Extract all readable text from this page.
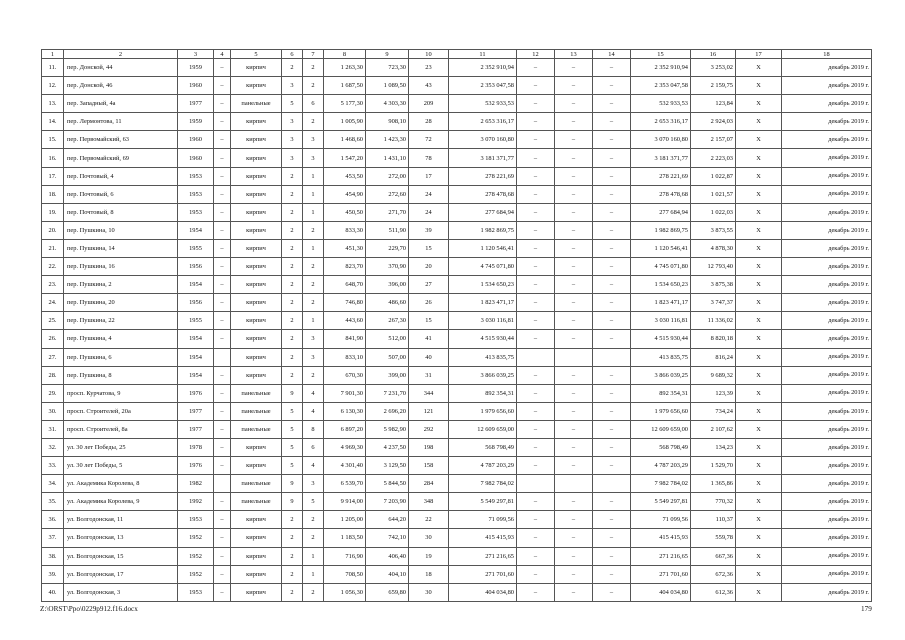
1	2	3	4	5	6	7	8	9	10	11	12	13	14	15	16	17	18
11.	пер. Донской, 44	1959	–	кирпич	2	2	1 263,30	723,30	23	2 352 910,94	–	–	–	2 352 910,94	3 253,02	Х	декабрь 2019 г.
12.	пер. Донской, 46	1960	–	кирпич	3	2	1 687,50	1 089,50	43	2 353 047,58	–	–	–	2 353 047,58	2 159,75	Х	декабрь 2019 г.
13.	пер. Западный, 4а	1977	–	панельные	5	6	5 177,30	4 303,30	209	532 933,53	–	–	–	532 933,53	123,84	Х	декабрь 2019 г.
14.	пер. Лермонтова, 11	1959	–	кирпич	3	2	1 005,90	908,10	28	2 653 316,17	–	–	–	2 653 316,17	2 924,03	Х	декабрь 2019 г.
15.	пер. Первомайский, 63	1960	–	кирпич	3	3	1 468,60	1 423,30	72	3 070 160,80	–	–	–	3 070 160,80	2 157,07	Х	декабрь 2019 г.
16.	пер. Первомайский, 69	1960	–	кирпич	3	3	1 547,20	1 431,10	78	3 181 371,77	–	–	–	3 181 371,77	2 223,03	Х	декабрь 2019 г.
17.	пер. Почтовый, 4	1953	–	кирпич	2	1	453,50	272,00	17	278 221,69	–	–	–	278 221,69	1 022,87	Х	декабрь 2019 г.
18.	пер. Почтовый, 6	1953	–	кирпич	2	1	454,90	272,60	24	278 478,68	–	–	–	278 478,68	1 021,57	Х	декабрь 2019 г.
19.	пер. Почтовый, 8	1953	–	кирпич	2	1	450,50	271,70	24	277 684,94	–	–	–	277 684,94	1 022,03	Х	декабрь 2019 г.
20.	пер. Пушкина, 10	1954	–	кирпич	2	2	833,30	511,90	39	1 982 869,75	–	–	–	1 982 869,75	3 873,55	Х	декабрь 2019 г.
21.	пер. Пушкина, 14	1955	–	кирпич	2	1	451,30	229,70	15	1 120 546,41	–	–	–	1 120 546,41	4 878,30	Х	декабрь 2019 г.
22.	пер. Пушкина, 16	1956	–	кирпич	2	2	823,70	370,90	20	4 745 071,80	–	–	–	4 745 071,80	12 793,40	Х	декабрь 2019 г.
23.	пер. Пушкина, 2	1954	–	кирпич	2	2	648,70	396,00	27	1 534 650,23	–	–	–	1 534 650,23	3 875,38	Х	декабрь 2019 г.
24.	пер. Пушкина, 20	1956	–	кирпич	2	2	746,80	486,60	26	1 823 471,17	–	–	–	1 823 471,17	3 747,37	Х	декабрь 2019 г.
25.	пер. Пушкина, 22	1955	–	кирпич	2	1	443,60	267,30	15	3 030 116,81	–	–	–	3 030 116,81	11 336,02	Х	декабрь 2019 г.
26.	пер. Пушкина, 4	1954	–	кирпич	2	3	841,90	512,00	41	4 515 930,44	–	–	–	4 515 930,44	8 820,18	Х	декабрь 2019 г.
27.	пер. Пушкина, 6	1954		кирпич	2	3	833,10	507,00	40	413 835,75				413 835,75	816,24	Х	декабрь 2019 г.
28.	пер. Пушкина, 8	1954	–	кирпич	2	2	670,30	399,00	31	3 866 039,25	–	–	–	3 866 039,25	9 689,32	Х	декабрь 2019 г.
29.	просп. Курчатова, 9	1976	–	панельные	9	4	7 901,30	7 231,70	344	892 354,31	–	–	–	892 354,31	123,39	Х	декабрь 2019 г.
30.	просп. Строителей, 20а	1977	–	панельные	5	4	6 130,30	2 696,20	121	1 979 656,60	–	–	–	1 979 656,60	734,24	Х	декабрь 2019 г.
31.	просп. Строителей, 8а	1977	–	панельные	5	8	6 897,20	5 982,90	292	12 609 659,00	–	–	–	12 609 659,00	2 107,62	Х	декабрь 2019 г.
32.	ул. 30 лет Победы, 25	1978	–	кирпич	5	6	4 969,30	4 237,50	198	568 798,49	–	–	–	568 798,49	134,23	Х	декабрь 2019 г.
33.	ул. 30 лет Победы, 5	1976	–	кирпич	5	4	4 301,40	3 129,50	158	4 787 203,29	–	–	–	4 787 203,29	1 529,70	Х	декабрь 2019 г.
34.	ул. Академика Королева, 8	1982		панельные	9	3	6 539,70	5 844,50	284	7 982 784,02				7 982 784,02	1 365,86	Х	декабрь 2019 г.
35.	ул. Академика Королева, 9	1992	–	панельные	9	5	9 914,00	7 203,90	348	5 549 297,81	–	–	–	5 549 297,81	770,32	Х	декабрь 2019 г.
36.	ул. Волгодонская, 11	1953	–	кирпич	2	2	1 205,00	644,20	22	71 099,56	–	–	–	71 099,56	110,37	Х	декабрь 2019 г.
37.	ул. Волгодонская, 13	1952	–	кирпич	2	2	1 183,50	742,10	30	415 415,93	–	–	–	415 415,93	559,78	Х	декабрь 2019 г.
38.	ул. Волгодонская, 15	1952	–	кирпич	2	1	716,90	406,40	19	271 216,65	–	–	–	271 216,65	667,36	Х	декабрь 2019 г.
39.	ул. Волгодонская, 17	1952	–	кирпич	2	1	708,50	404,10	18	271 701,60	–	–	–	271 701,60	672,36	Х	декабрь 2019 г.
40.	ул. Волгодонская, 3	1953	–	кирпич	2	2	1 056,30	659,80	30	404 034,80	–	–	–	404 034,80	612,36	Х	декабрь 2019 г.
Z:\ORST\Ppo\0229p912.f16.docx	179
